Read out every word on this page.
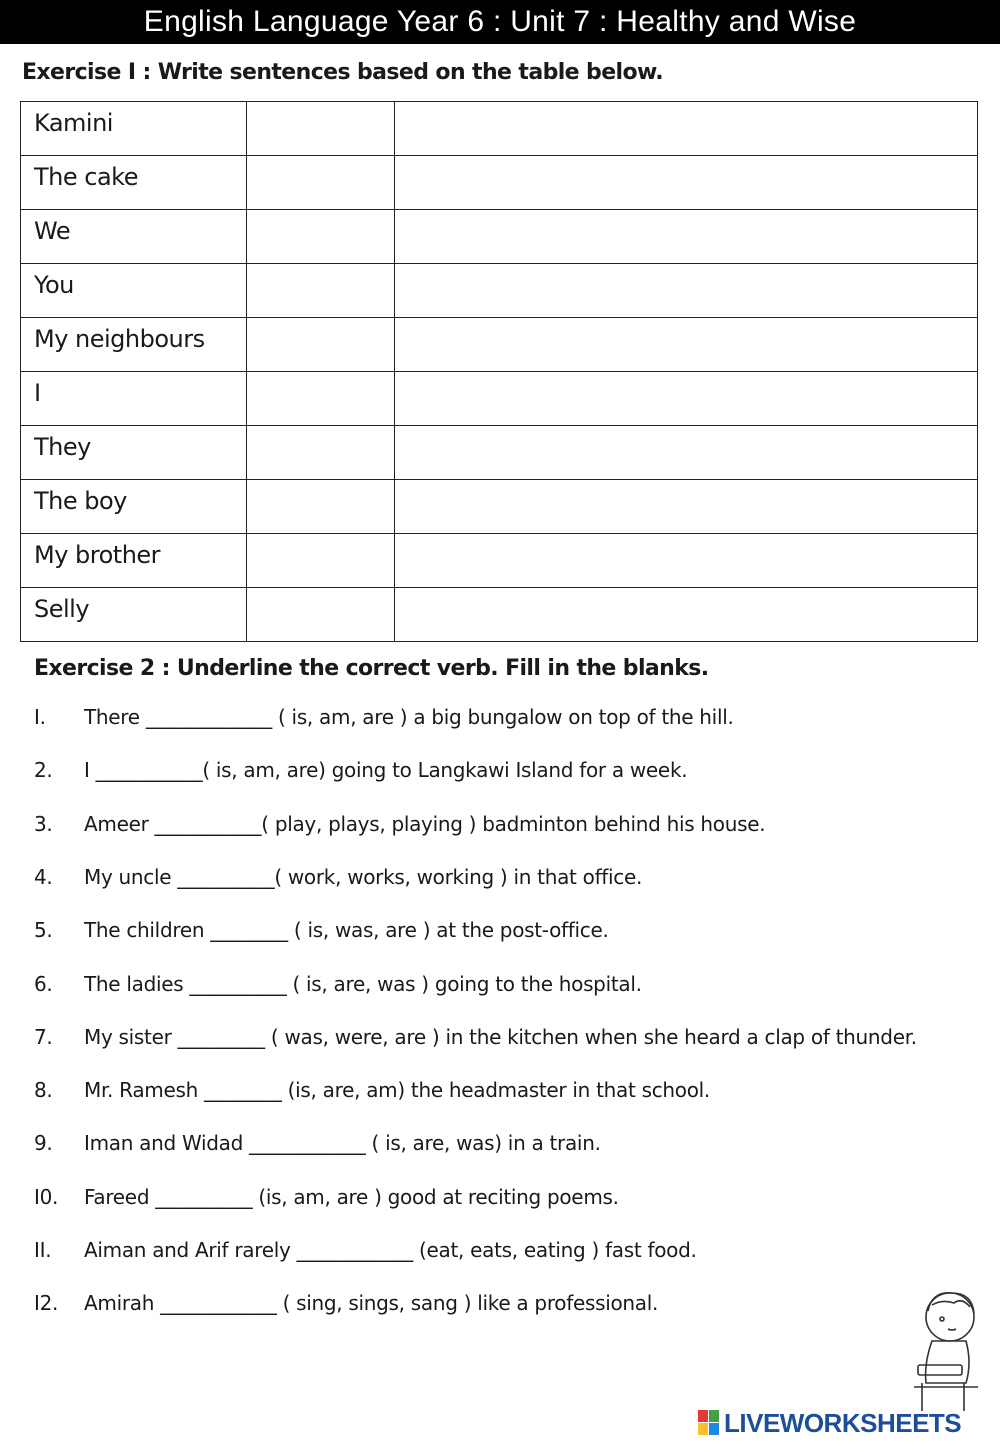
English Language Year 6 : Unit 7 : Healthy and Wise
Exercise I : Write sentences based on the table below.
Kamini		
The cake		
We		
You		
My neighbours		
I		
They		
The boy		
My brother		
Selly		
Exercise 2 : Underline the correct verb. Fill in the blanks.
I. There _____________ ( is, am, are ) a big bungalow on top of the hill.
2. I ___________( is, am, are) going to Langkawi Island for a week.
3. Ameer ___________( play, plays, playing ) badminton behind his house.
4. My uncle __________( work, works, working ) in that office.
5. The children ________ ( is, was, are ) at the post-office.
6. The ladies __________ ( is, are, was ) going to the hospital.
7. My sister _________ ( was, were, are ) in the kitchen when she heard a clap of thunder.
8. Mr. Ramesh ________ (is, are, am) the headmaster in that school.
9. Iman and Widad ____________ ( is, are, was) in a train.
I0. Fareed __________ (is, am, are ) good at reciting poems.
II. Aiman and Arif rarely ____________ (eat, eats, eating ) fast food.
I2. Amirah ____________ ( sing, sings, sang ) like a professional.
LIVEWORKSHEETS
